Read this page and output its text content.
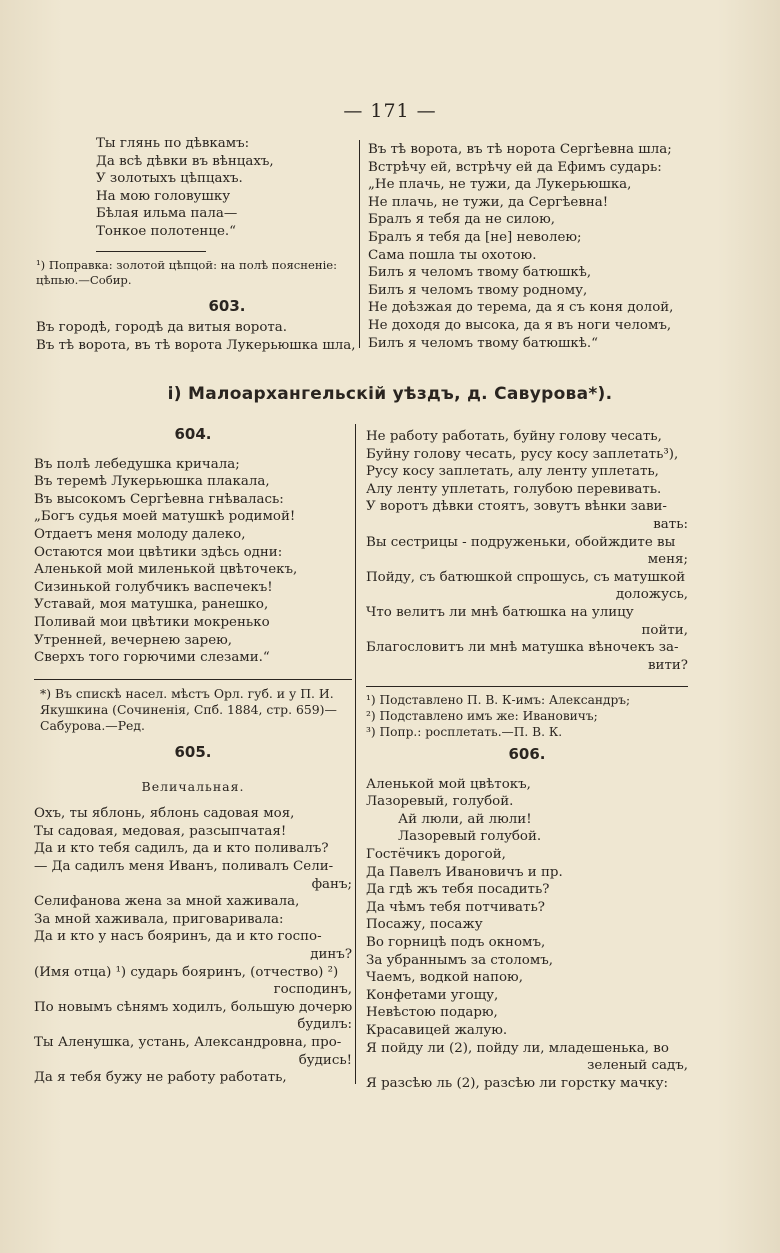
— 171 —
Ты глянь по дѣвкамъ:
Да всѣ дѣвки въ вѣнцахъ,
У золотыхъ цѣпцахъ.
На мою головушку
Бѣлая ильма пала—
Тонкое полотенце.“
¹) Поправка: золотой цѣпцой: на полѣ поясненіе: цѣпью.—Собир.
603.
Въ городѣ, городѣ да витыя ворота.
Въ тѣ ворота, въ тѣ ворота Лукерьюшка шла,
Въ тѣ ворота, въ тѣ норота Сергѣевна шла;
Встрѣчу ей, встрѣчу ей да Ефимъ сударь:
„Не плачь, не тужи, да Лукерьюшка,
Не плачь, не тужи, да Сергѣевна!
Бралъ я тебя да не силою,
Бралъ я тебя да [не] неволею;
Сама пошла ты охотою.
Билъ я челомъ твому батюшкѣ,
Билъ я челомъ твому родному,
Не доѣзжая до терема, да я съ коня долой,
Не доходя до высока, да я въ ноги челомъ,
Билъ я челомъ твому батюшкѣ.“
і) Малоархангельскій уѣздъ, д. Савурова*).
604.
Въ полѣ лебедушка кричала;
Въ теремѣ Лукерьюшка плакала,
Въ высокомъ Сергѣевна гнѣвалась:
„Богъ судья моей матушкѣ родимой!
Отдаетъ меня молоду далеко,
Остаются мои цвѣтики здѣсь одни:
Аленькой мой миленькой цвѣточекъ,
Сизинькой голубчикъ васпечекъ!
Уставай, моя матушка, ранешко,
Поливай мои цвѣтики мокренько
Утренней, вечернею зарею,
Сверхъ того горючими слезами.“
*) Въ спискѣ насел. мѣстъ Орл. губ. и у П. И. Якушкина (Сочиненія, Спб. 1884, стр. 659)—Сабурова.—Ред.
Не работу работать, буйну голову чесать,
Буйну голову чесать, русу косу заплетать³),
Русу косу заплетать, алу ленту уплетать,
Алу ленту уплетать, голубою перевивать.
У воротъ дѣвки стоятъ, зовутъ вѣнки зави-
вать:
Вы сестрицы - подруженьки, обойждите вы
меня;
Пойду, съ батюшкой спрошусь, съ матушкой
доложусь,
Что велитъ ли мнѣ батюшка на улицу
пойти,
Благословитъ ли мнѣ матушка вѣночекъ за-
вити?
¹) Подставлено П. В. К-имъ: Александръ;
²) Подставлено имъ же: Ивановичъ;
³) Попр.: росплетать.—П. В. К.
605.
Величальная.
Охъ, ты яблонь, яблонь садовая моя,
Ты садовая, медовая, разсыпчатая!
Да и кто тебя садилъ, да и кто поливалъ?
— Да садилъ меня Иванъ, поливалъ Сели-
фанъ;
Селифанова жена за мной хаживала,
За мной хаживала, приговаривала:
Да и кто у насъ бояринъ, да и кто госпо-
динъ?
(Имя отца) ¹) сударь бояринъ, (отчество) ²)
господинъ,
По новымъ сѣнямъ ходилъ, большую дочерю
будилъ:
Ты Аленушка, устань, Александровна, про-
будись!
Да я тебя бужу не работу работать,
606.
Аленькой мой цвѣтокъ,
Лазоревый, голубой.
Ай люли, ай люли!
Лазоревый голубой.
Гостёчикъ дорогой,
Да Павелъ Ивановичъ и пр.
Да гдѣ жъ тебя посадить?
Да чѣмъ тебя потчивать?
Посажу, посажу
Во горницѣ подъ окномъ,
За убраннымъ за столомъ,
Чаемъ, водкой напою,
Конфетами угощу,
Невѣстою подарю,
Красавицей жалую.
Я пойду ли (2), пойду ли, младешенька, во
зеленый садъ,
Я разсѣю ль (2), разсѣю ли горстку мачку:
